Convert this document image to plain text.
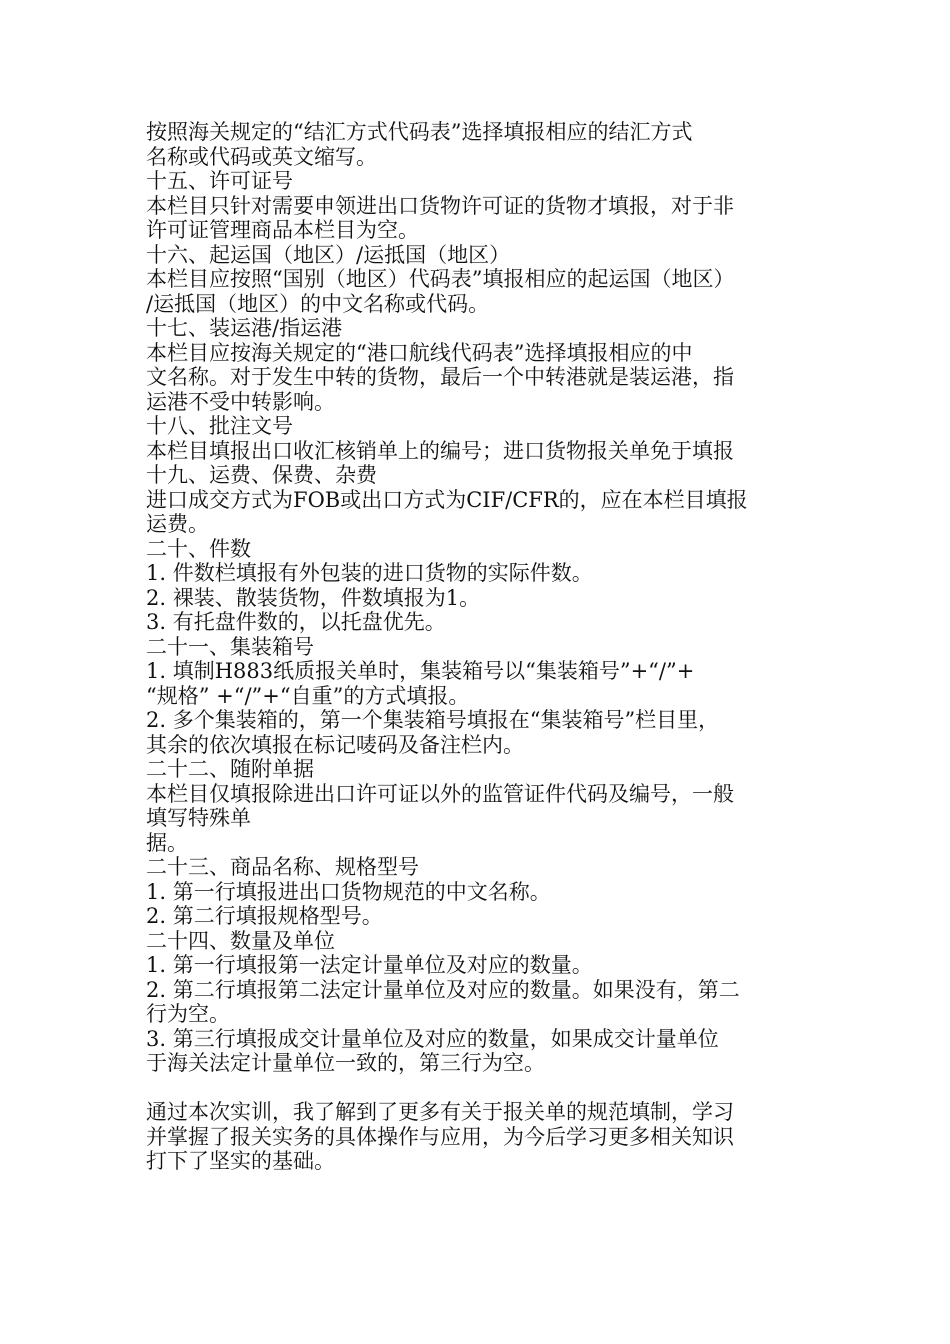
按照海关规定的“结汇方式代码表”选择填报相应的结汇方式
名称或代码或英文缩写。
十五、许可证号
本栏目只针对需要申领进出口货物许可证的货物才填报，对于非
许可证管理商品本栏目为空。
十六、起运国（地区）/运抵国（地区）
本栏目应按照“国别（地区）代码表”填报相应的起运国（地区）
/运抵国（地区）的中文名称或代码。
十七、装运港/指运港
本栏目应按海关规定的“港口航线代码表”选择填报相应的中
文名称。对于发生中转的货物，最后一个中转港就是装运港，指
运港不受中转影响。
十八、批注文号
本栏目填报出口收汇核销单上的编号；进口货物报关单免于填报
十九、运费、保费、杂费
进口成交方式为FOB或出口方式为CIF/CFR的，应在本栏目填报
运费。
二十、件数
1. 件数栏填报有外包装的进口货物的实际件数。
2. 裸装、散装货物，件数填报为1。
3. 有托盘件数的，以托盘优先。
二十一、集装箱号
1. 填制H883纸质报关单时，集装箱号以“集装箱号”+“/”+
“规格” +“/”+“自重”的方式填报。
2. 多个集装箱的，第一个集装箱号填报在“集装箱号”栏目里，
其余的依次填报在标记唛码及备注栏内。
二十二、随附单据
本栏目仅填报除进出口许可证以外的监管证件代码及编号，一般
填写特殊单
据。
二十三、商品名称、规格型号
1. 第一行填报进出口货物规范的中文名称。
2. 第二行填报规格型号。
二十四、数量及单位
1. 第一行填报第一法定计量单位及对应的数量。
2. 第二行填报第二法定计量单位及对应的数量。如果没有，第二
行为空。
3. 第三行填报成交计量单位及对应的数量，如果成交计量单位
于海关法定计量单位一致的，第三行为空。
通过本次实训，我了解到了更多有关于报关单的规范填制，学习
并掌握了报关实务的具体操作与应用，为今后学习更多相关知识
打下了坚实的基础。
